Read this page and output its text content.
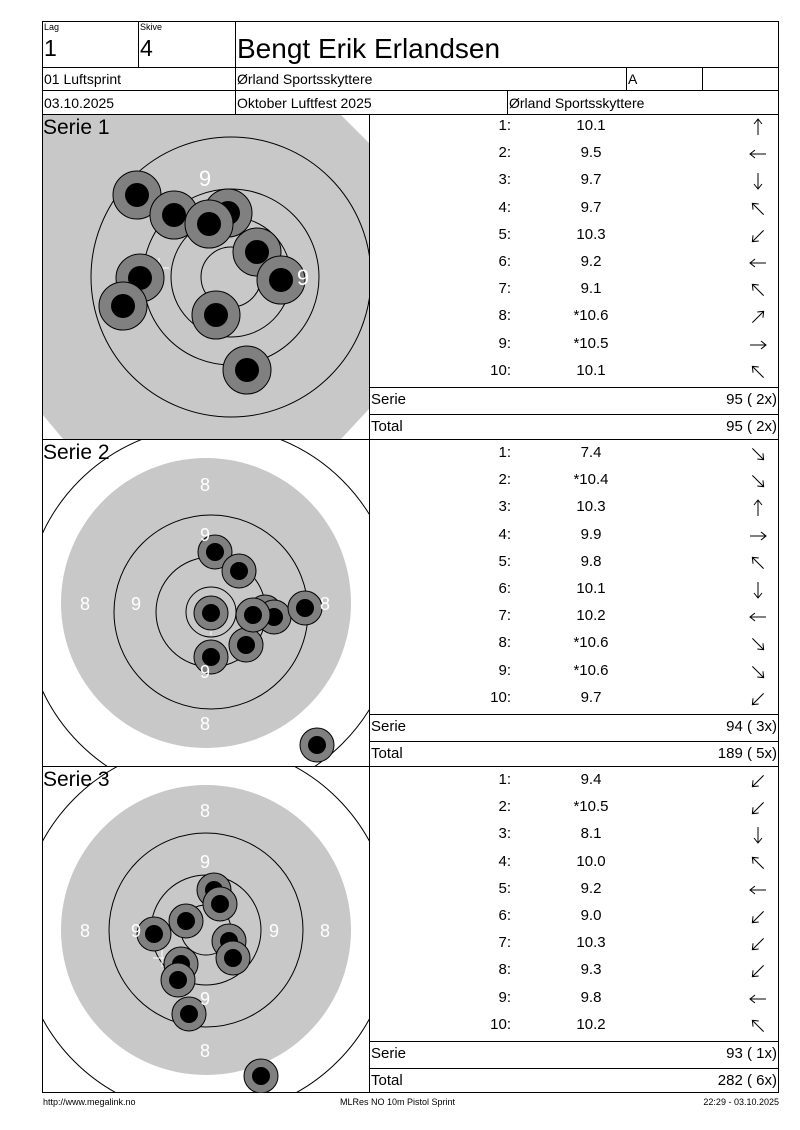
Lag
1
Skive
4	Bengt Erik Erlandsen
01 Luftsprint	Ørland Sportsskyttere	A
03.10.2025	Oktober Luftfest 2025	Ørland Sportsskyttere
9
9
Serie 1
8
8	8
8
9
9
9
Serie 2
8
8	8
8
9
9	9
9
Serie 3
1:	10.1
2:	9.5
3:	9.7
4:	9.7
5:	10.3
6:	9.2
7:	9.1
8:	*10.6
9:	*10.5
10:	10.1
Serie	95 ( 2x)
Total	95 ( 2x)
1:	7.4
2:	*10.4
3:	10.3
4:	9.9
5:	9.8
6:	10.1
7:	10.2
8:	*10.6
9:	*10.6
10:	9.7
Serie	94 ( 3x)
Total	189 ( 5x)
1:	9.4
2:	*10.5
3:	8.1
4:	10.0
5:	9.2
6:	9.0
7:	10.3
8:	9.3
9:	9.8
10:	10.2
Serie	93 ( 1x)
Total	282 ( 6x)
http://www.megalink.no	MLRes NO 10m Pistol Sprint	22:29 - 03.10.2025
